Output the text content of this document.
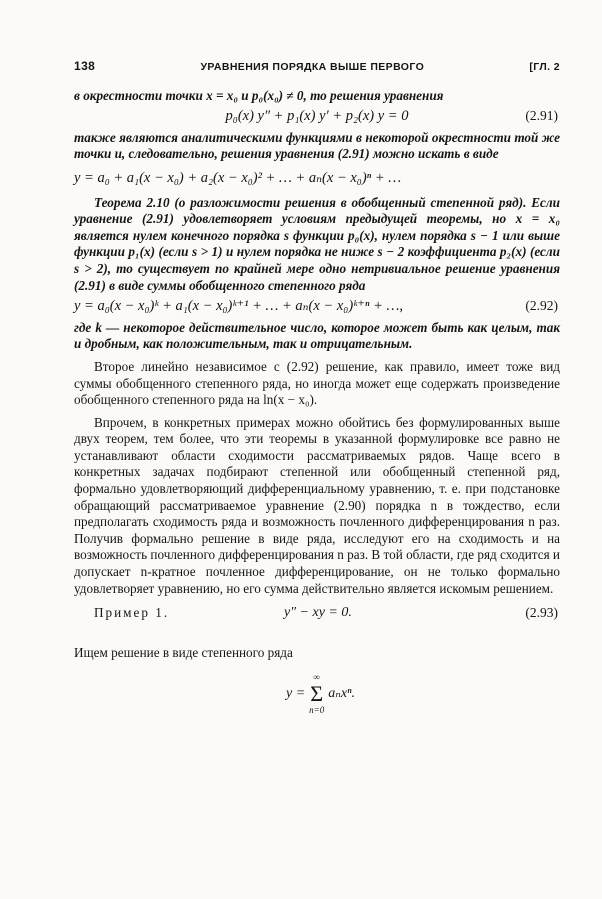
138	УРАВНЕНИЯ ПОРЯДКА ВЫШЕ ПЕРВОГО	[ГЛ. 2
в окрестности точки x = x₀ и p₀(x₀) ≠ 0, то решения уравнения
p₀(x) y″ + p₁(x) y′ + p₂(x) y = 0	(2.91)
также являются аналитическими функциями в некоторой окрестности той же точки и, следовательно, решения уравнения (2.91) можно искать в виде
y = a₀ + a₁(x − x₀) + a₂(x − x₀)² + … + aₙ(x − x₀)ⁿ + …
Теорема 2.10 (о разложимости решения в обобщенный степенной ряд). Если уравнение (2.91) удовлетворяет условиям предыдущей теоремы, но x = x₀ является нулем конечного порядка s функции p₀(x), нулем порядка s − 1 или выше функции p₁(x) (если s > 1) и нулем порядка не ниже s − 2 коэффициента p₂(x) (если s > 2), то существует по крайней мере одно нетривиальное решение уравнения (2.91) в виде суммы обобщенного степенного ряда
y = a₀(x − x₀)ᵏ + a₁(x − x₀)ᵏ⁺¹ + … + aₙ(x − x₀)ᵏ⁺ⁿ + …,	(2.92)
где k — некоторое действительное число, которое может быть как целым, так и дробным, как положительным, так и отрицательным.
Второе линейно независимое с (2.92) решение, как правило, имеет тоже вид суммы обобщенного степенного ряда, но иногда может еще содержать произведение обобщенного степенного ряда на ln(x − x₀).
Впрочем, в конкретных примерах можно обойтись без формулированных выше двух теорем, тем более, что эти теоремы в указанной формулировке все равно не устанавливают области сходимости рассматриваемых рядов. Чаще всего в конкретных задачах подбирают степенной или обобщенный степенной ряд, формально удовлетворяющий дифференциальному уравнению, т. е. при подстановке обращающий рассматриваемое уравнение (2.90) порядка n в тождество, если предполагать сходимость ряда и возможность почленного дифференцирования n раз. Получив формально решение в виде ряда, исследуют его на сходимость и на возможность почленного дифференцирования n раз. В той области, где ряд сходится и допускает n-кратное почленное дифференцирование, он не только формально удовлетворяет уравнению, но его сумма действительно является искомым решением.
Пример 1.	y″ − xy = 0.	(2.93)
Ищем решение в виде степенного ряда
y =
∞
Σ
n=0
aₙxⁿ.
